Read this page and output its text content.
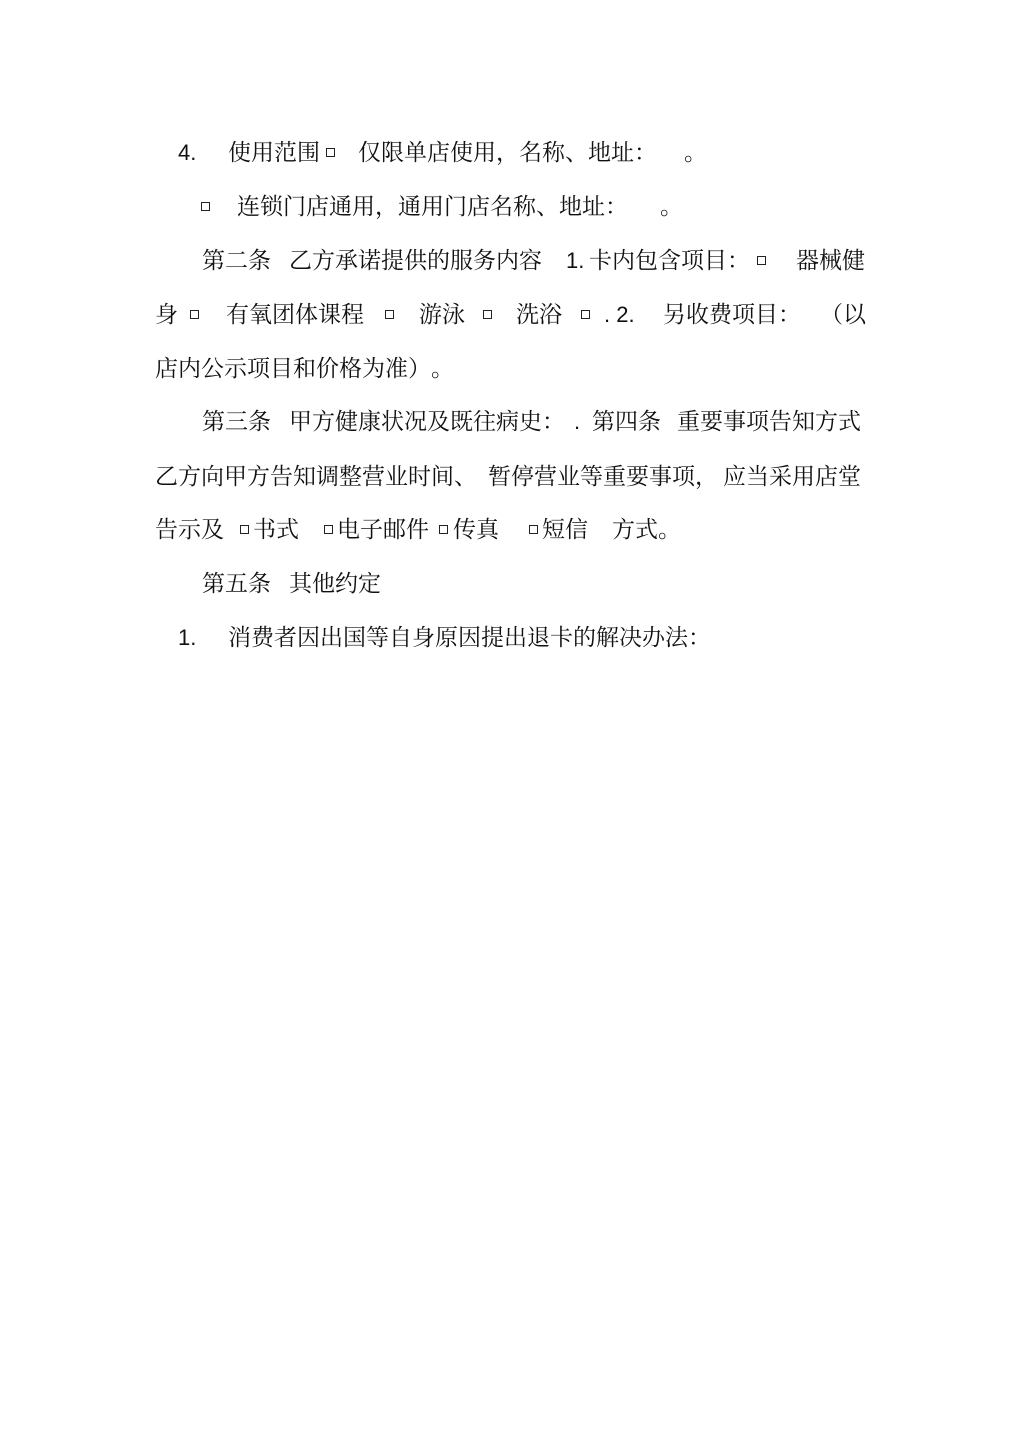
4.

使用范围

仅限单店使用，名称、地址：

。

连锁门店通用，通用门店名称、地址：

。

第二条

乙方承诺提供的服务内容

1.

卡内包含项目：

器械健

身

有氧团体课程

游泳

洗浴

. 2.

另收费项目：

（以

店内公示项目和价格为准）

。

第三条

甲方健康状况及既往病史：

.

第四条

重要事项告知方式

乙方向甲方告知调整营业时间、

暂停营业等重要事项，

应当采用店堂

告示及

书式

电子邮件

传真

短信

方式。

第五条

其他约定

1.

消费者因出国等自身原因提出退卡的解决办法：
